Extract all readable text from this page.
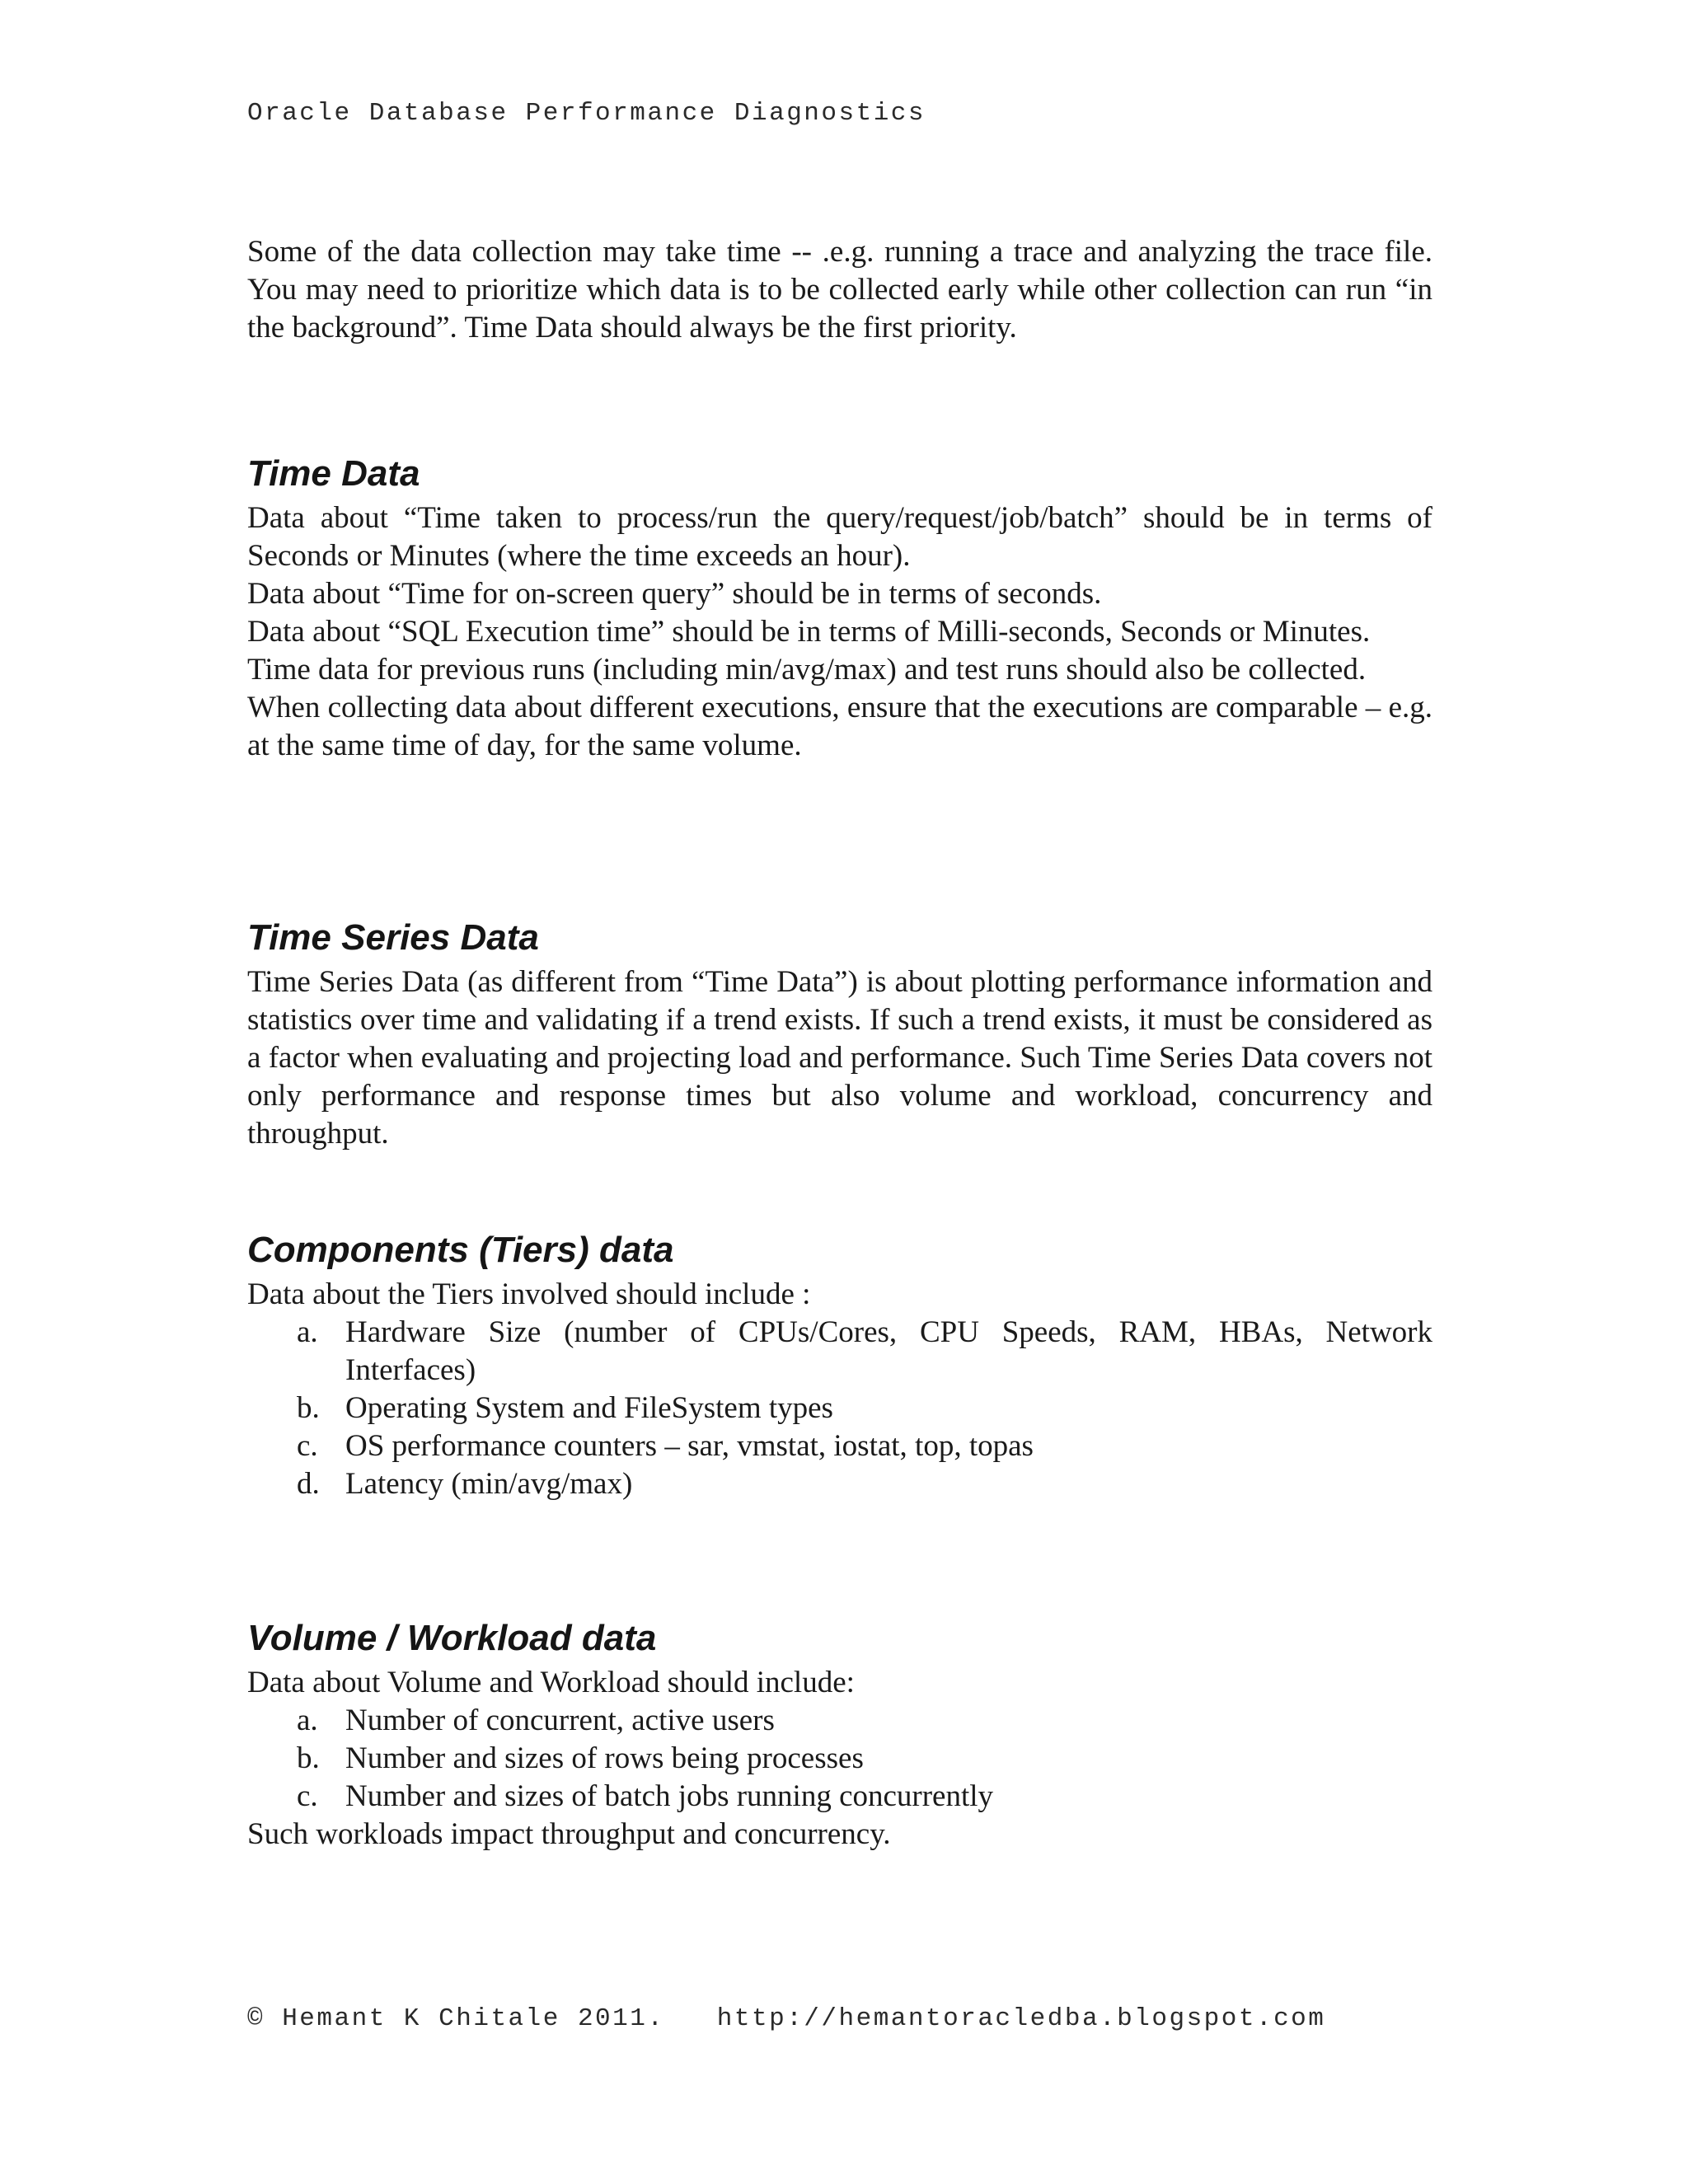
Oracle Database Performance Diagnostics

Some of the data collection may take time -- .e.g. running a trace and analyzing the trace file. You may need to prioritize which data is to be collected early while other collection can run “in the background”. Time Data should always be the first priority.

Time Data

Data about “Time taken to process/run the query/request/job/batch” should be in terms of Seconds or Minutes (where the time exceeds an hour).

Data about “Time for on-screen query” should be in terms of seconds.

Data about “SQL Execution time” should be in terms of Milli-seconds, Seconds or Minutes.

Time data for previous runs (including min/avg/max) and test runs should also be collected.

When collecting data about different executions, ensure that the executions are comparable – e.g. at the same time of day, for the same volume.

Time Series Data

Time Series Data (as different from “Time Data”) is about plotting performance information and statistics over time and validating if a trend exists. If such a trend exists, it must be considered as a factor when evaluating and projecting load and performance. Such Time Series Data covers not only performance and response times but also volume and workload, concurrency and throughput.

Components (Tiers) data

Data about the Tiers involved should include :

a. Hardware Size (number of CPUs/Cores, CPU Speeds, RAM, HBAs, Network Interfaces)
b. Operating System and FileSystem types
c. OS performance counters – sar, vmstat, iostat, top, topas
d. Latency (min/avg/max)
Volume / Workload data

Data about Volume and Workload should include:

a. Number of concurrent, active users
b. Number and sizes of rows being processes
c. Number and sizes of batch jobs running concurrently

Such workloads impact throughput and concurrency.

© Hemant K Chitale 2011.   http://hemantoracledba.blogspot.com
